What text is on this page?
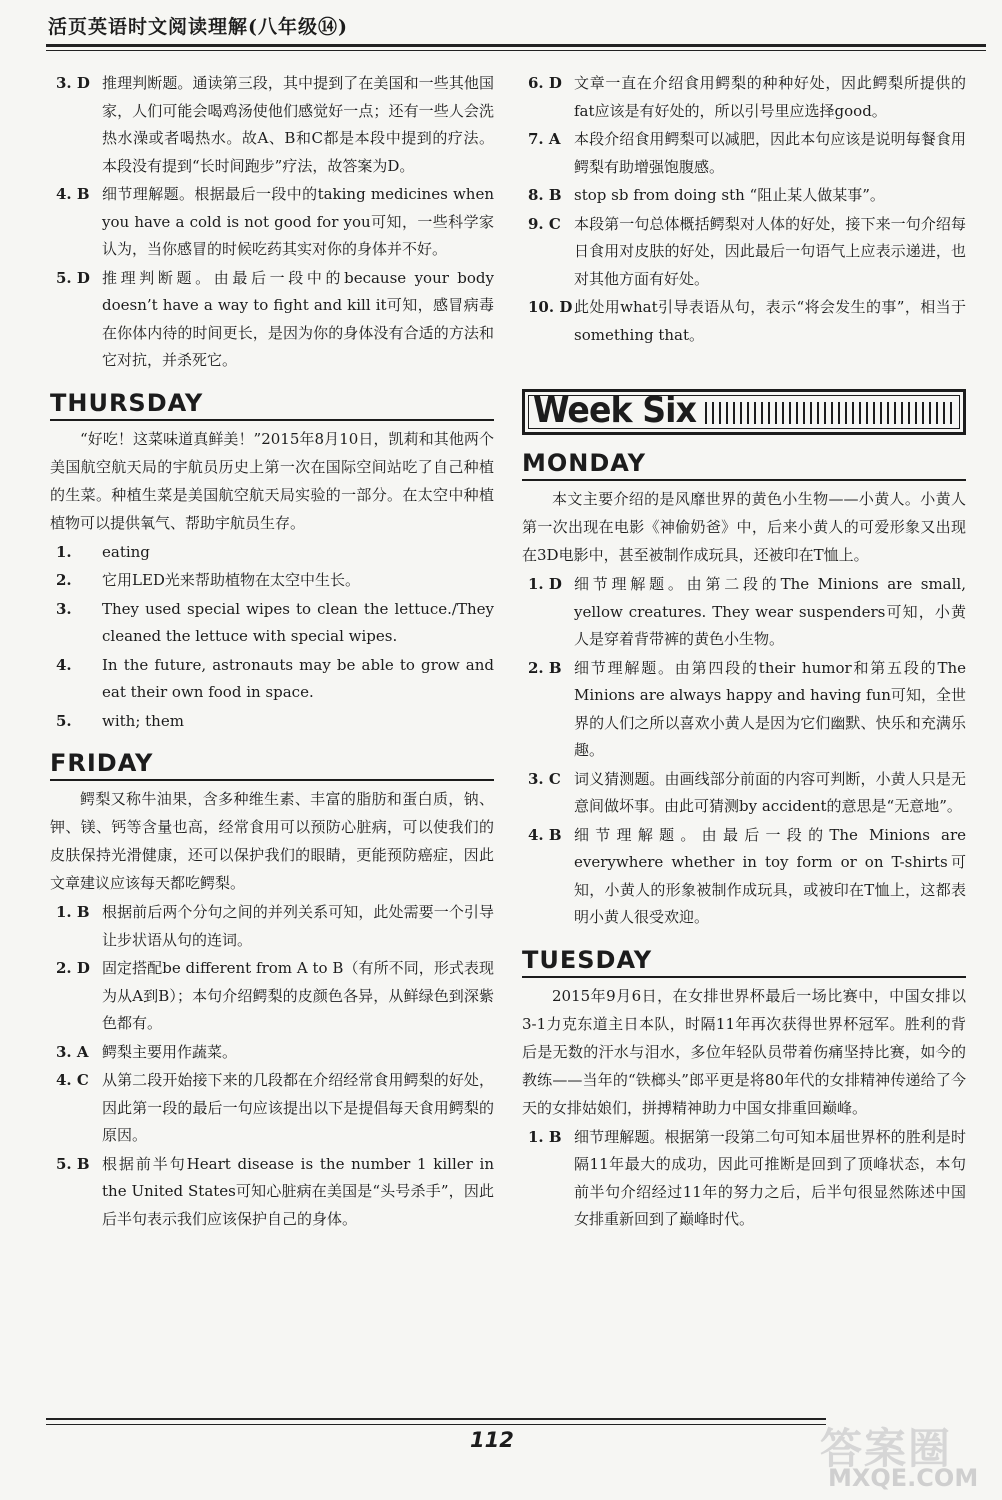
活页英语时文阅读理解(八年级⑭)
3. D 推理判断题。通读第三段，其中提到了在美国和一些其他国家，人们可能会喝鸡汤使他们感觉好一点；还有一些人会洗热水澡或者喝热水。故A、B和C都是本段中提到的疗法。本段没有提到“长时间跑步”疗法，故答案为D。
4. B 细节理解题。根据最后一段中的taking medicines when you have a cold is not good for you可知，一些科学家认为，当你感冒的时候吃药其实对你的身体并不好。
5. D 推理判断题。由最后一段中的because your body doesn’t have a way to fight and kill it可知，感冒病毒在你体内待的时间更长，是因为你的身体没有合适的方法和它对抗，并杀死它。
THURSDAY
“好吃！这菜味道真鲜美！”2015年8月10日，凯莉和其他两个美国航空航天局的宇航员历史上第一次在国际空间站吃了自己种植的生菜。种植生菜是美国航空航天局实验的一部分。在太空中种植植物可以提供氧气、帮助宇航员生存。
1.	eating
2.	它用LED光来帮助植物在太空中生长。
3.	They used special wipes to clean the lettuce./They cleaned the lettuce with special wipes.
4.	In the future, astronauts may be able to grow and eat their own food in space.
5.	with; them
FRIDAY
鳄梨又称牛油果，含多种维生素、丰富的脂肪和蛋白质，钠、钾、镁、钙等含量也高，经常食用可以预防心脏病，可以使我们的皮肤保持光滑健康，还可以保护我们的眼睛，更能预防癌症，因此文章建议应该每天都吃鳄梨。
1. B 根据前后两个分句之间的并列关系可知，此处需要一个引导让步状语从句的连词。
2. D 固定搭配be different from A to B（有所不同，形式表现为从A到B）；本句介绍鳄梨的皮颜色各异，从鲜绿色到深紫色都有。
3. A 鳄梨主要用作蔬菜。
4. C 从第二段开始接下来的几段都在介绍经常食用鳄梨的好处，因此第一段的最后一句应该提出以下是提倡每天食用鳄梨的原因。
5. B 根据前半句Heart disease is the number 1 killer in the United States可知心脏病在美国是“头号杀手”，因此后半句表示我们应该保护自己的身体。
6. D 文章一直在介绍食用鳄梨的种种好处，因此鳄梨所提供的fat应该是有好处的，所以引号里应选择good。
7. A 本段介绍食用鳄梨可以减肥，因此本句应该是说明每餐食用鳄梨有助增强饱腹感。
8. B stop sb from doing sth “阻止某人做某事”。
9. C 本段第一句总体概括鳄梨对人体的好处，接下来一句介绍每日食用对皮肤的好处，因此最后一句语气上应表示递进，也对其他方面有好处。
10. D 此处用what引导表语从句，表示“将会发生的事”，相当于something that。
Week Six
MONDAY
本文主要介绍的是风靡世界的黄色小生物——小黄人。小黄人第一次出现在电影《神偷奶爸》中，后来小黄人的可爱形象又出现在3D电影中，甚至被制作成玩具，还被印在T恤上。
1. D 细节理解题。由第二段的The Minions are small, yellow creatures. They wear suspenders可知，小黄人是穿着背带裤的黄色小生物。
2. B 细节理解题。由第四段的their humor和第五段的The Minions are always happy and having fun可知，全世界的人们之所以喜欢小黄人是因为它们幽默、快乐和充满乐趣。
3. C 词义猜测题。由画线部分前面的内容可判断，小黄人只是无意间做坏事。由此可猜测by accident的意思是“无意地”。
4. B 细节理解题。由最后一段的The Minions are everywhere whether in toy form or on T-shirts可知，小黄人的形象被制作成玩具，或被印在T恤上，这都表明小黄人很受欢迎。
TUESDAY
2015年9月6日，在女排世界杯最后一场比赛中，中国女排以3-1力克东道主日本队，时隔11年再次获得世界杯冠军。胜利的背后是无数的汗水与泪水，多位年轻队员带着伤痛坚持比赛，如今的教练——当年的“铁榔头”郎平更是将80年代的女排精神传递给了今天的女排姑娘们，拼搏精神助力中国女排重回巅峰。
1. B 细节理解题。根据第一段第二句可知本届世界杯的胜利是时隔11年最大的成功，因此可推断是回到了顶峰状态，本句前半句介绍经过11年的努力之后，后半句很显然陈述中国女排重新回到了巅峰时代。
112	答案圈
MXQE.COM
